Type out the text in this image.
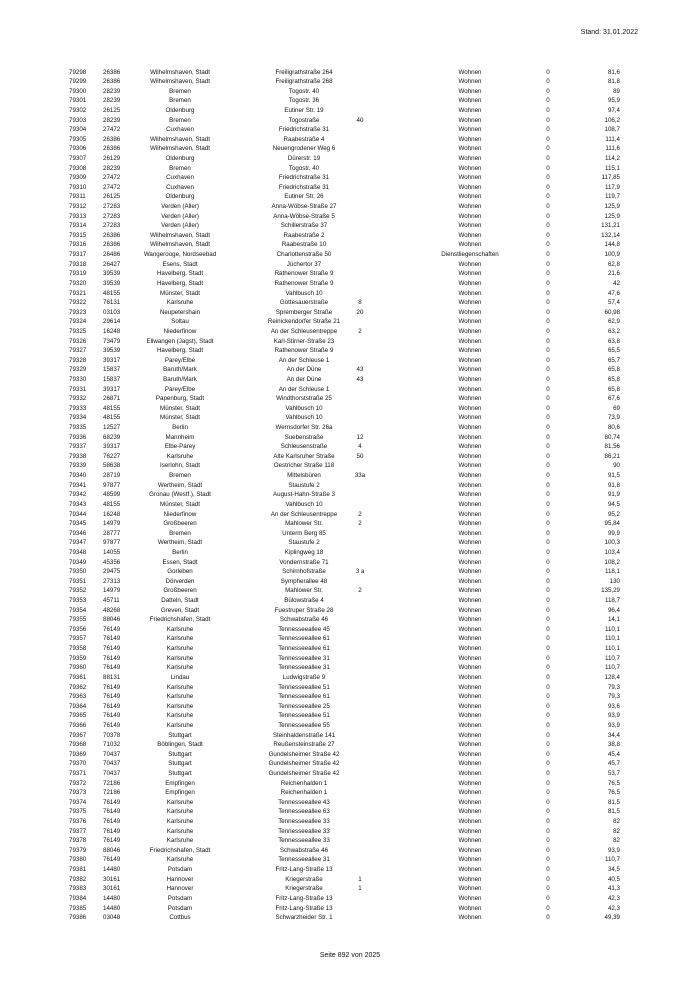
Stand: 31.01.2022
79298	26386	Wilhelmshaven, Stadt	Freiligrathstraße 264	Wohnen	0	81,6
79299	26386	Wilhelmshaven, Stadt	Freiligrathstraße 268	Wohnen	0	81,8
79300	28239	Bremen	Togostr. 40	Wohnen	0	89
79301	28239	Bremen	Togostr. 36	Wohnen	0	95,9
79302	26125	Oldenburg	Eutiner Str. 19	Wohnen	0	97,4
79303	28239	Bremen	Togostraße	40	Wohnen	0	106,2
79304	27472	Cuxhaven	Friedrichstraße 31	Wohnen	0	108,7
79305	26386	Wilhelmshaven, Stadt	Raabestraße 4	Wohnen	0	111,4
79306	26386	Wilhelmshaven, Stadt	Neuengrodener Weg 6	Wohnen	0	111,6
79307	26129	Oldenburg	Dürerstr. 19	Wohnen	0	114,2
79308	28239	Bremen	Togostr. 40	Wohnen	0	115,1
79309	27472	Cuxhaven	Friedrichstraße 31	Wohnen	0	117,85
79310	27472	Cuxhaven	Friedrichstraße 31	Wohnen	0	117,9
79311	26125	Oldenburg	Eutiner Str. 26	Wohnen	0	119,7
79312	27283	Verden (Aller)	Anna-Wöbse-Straße 27	Wohnen	0	125,9
79313	27283	Verden (Aller)	Anna-Wöbse-Straße 5	Wohnen	0	125,9
79314	27283	Verden (Aller)	Schillerstraße 37	Wohnen	0	131,21
79315	26386	Wilhelmshaven, Stadt	Raabestraße 2	Wohnen	0	132,14
79316	26386	Wilhelmshaven, Stadt	Raabestraße 10	Wohnen	0	144,8
79317	26486	Wangerooge, Nordseebad	Charlottenstraße 50	Dienstliegenschaften	0	100,9
79318	26427	Esens, Stadt	Jüchertor 37	Wohnen	0	62,8
79319	39539	Havelberg, Stadt	Rathenower Straße 9	Wohnen	0	21,6
79320	39539	Havelberg, Stadt	Rathenower Straße 9	Wohnen	0	42
79321	48155	Münster, Stadt	Vahlbusch 10	Wohnen	0	47,6
79322	76131	Karlsruhe	Gottesauerstraße	8	Wohnen	0	57,4
79323	03103	Neupetershain	Spremberger Straße	20	Wohnen	0	60,98
79324	29614	Soltau	Reinickendorfer Straße 21	Wohnen	0	62,9
79325	16248	Niederfinow	An der Schleusentreppe	2	Wohnen	0	63,2
79326	73479	Ellwangen (Jagst), Stadt	Karl-Stirner-Straße 23	Wohnen	0	63,8
79327	39539	Havelberg, Stadt	Rathenower Straße 9	Wohnen	0	65,5
79328	39317	Parey/Elbe	An der Schleuse 1	Wohnen	0	65,7
79329	15837	Baruth/Mark	An der Düne	43	Wohnen	0	65,8
79330	15837	Baruth/Mark	An der Düne	43	Wohnen	0	65,8
79331	39317	Parey/Elbe	An der Schleuse 1	Wohnen	0	65,8
79332	26871	Papenburg, Stadt	Windthorststraße 25	Wohnen	0	67,6
79333	48155	Münster, Stadt	Vahlbusch 10	Wohnen	0	69
79334	48155	Münster, Stadt	Vahlbusch 10	Wohnen	0	73,9
79335	12527	Berlin	Wernsdorfer Str. 26a	Wohnen	0	80,6
79336	68239	Mannheim	Suebenstraße	12	Wohnen	0	80,74
79337	39317	Elbe-Parey	Schleusenstraße	4	Wohnen	0	81,56
79338	76227	Karlsruhe	Alte Karlsruher Straße	50	Wohnen	0	86,21
79339	58638	Iserlohn, Stadt	Oestricher Straße 118	Wohnen	0	90
79340	28719	Bremen	Mittelsbüren	33a	Wohnen	0	91,5
79341	97877	Wertheim, Stadt	Staustufe 2	Wohnen	0	91,8
79342	48599	Gronau (Westf.), Stadt	August-Hahn-Straße 3	Wohnen	0	91,9
79343	48155	Münster, Stadt	Vahlbusch 10	Wohnen	0	94,5
79344	16248	Niederfinow	An der Schleusentreppe	2	Wohnen	0	95,2
79345	14979	Großbeeren	Mahlower Str.	2	Wohnen	0	95,84
79346	28777	Bremen	Unterm Berg 85	Wohnen	0	99,9
79347	97877	Wertheim, Stadt	Staustufe 2	Wohnen	0	100,3
79348	14055	Berlin	Kiplingweg 18	Wohnen	0	103,4
79349	45356	Essen, Stadt	Vondernstraße 71	Wohnen	0	108,2
79350	29475	Gorleben	Schirnhofstraße	3 a	Wohnen	0	118,1
79351	27313	Dörverden	Sympherallee 48	Wohnen	0	130
79352	14979	Großbeeren	Mahlower Str.	2	Wohnen	0	135,29
79353	45711	Datteln, Stadt	Bülowstraße 4	Wohnen	0	118,7
79354	48268	Greven, Stadt	Fuestruper Straße 28	Wohnen	0	96,4
79355	88046	Friedrichshafen, Stadt	Schwabstraße 46	Wohnen	0	14,1
79356	76149	Karlsruhe	Tennesseeallee 45	Wohnen	0	110,1
79357	76149	Karlsruhe	Tennesseeallee 61	Wohnen	0	110,1
79358	76149	Karlsruhe	Tennesseeallee 61	Wohnen	0	110,1
79359	76149	Karlsruhe	Tennesseeallee 31	Wohnen	0	110,7
79360	76149	Karlsruhe	Tennesseeallee 31	Wohnen	0	110,7
79361	88131	Lindau	Ludwigstraße 9	Wohnen	0	128,4
79362	76149	Karlsruhe	Tennesseeallee 51	Wohnen	0	79,3
79363	76149	Karlsruhe	Tennesseeallee 61	Wohnen	0	79,3
79364	76149	Karlsruhe	Tennesseeallee 25	Wohnen	0	93,6
79365	76149	Karlsruhe	Tennesseeallee 51	Wohnen	0	93,9
79366	76149	Karlsruhe	Tennesseeallee 55	Wohnen	0	93,9
79367	70378	Stuttgart	Steinhaldenstraße 141	Wohnen	0	34,4
79368	71032	Böblingen, Stadt	Reußensteinstraße 27	Wohnen	0	38,8
79369	70437	Stuttgart	Gundelsheimer Straße 42	Wohnen	0	45,4
79370	70437	Stuttgart	Gundelsheimer Straße 42	Wohnen	0	45,7
79371	70437	Stuttgart	Gundelsheimer Straße 42	Wohnen	0	53,7
79372	72186	Empfingen	Reichenhalden 1	Wohnen	0	76,5
79373	72186	Empfingen	Reichenhalden 1	Wohnen	0	76,5
79374	76149	Karlsruhe	Tennesseeallee 43	Wohnen	0	81,5
79375	76149	Karlsruhe	Tennesseeallee 63	Wohnen	0	81,5
79376	76149	Karlsruhe	Tennesseeallee 33	Wohnen	0	82
79377	76149	Karlsruhe	Tennesseeallee 33	Wohnen	0	82
79378	76149	Karlsruhe	Tennesseeallee 33	Wohnen	0	82
79379	88046	Friedrichshafen, Stadt	Schwabstraße 46	Wohnen	0	93,9
79380	76149	Karlsruhe	Tennesseeallee 31	Wohnen	0	110,7
79381	14480	Potsdam	Fritz-Lang-Straße 13	Wohnen	0	34,5
79382	30161	Hannover	Kriegerstraße	1	Wohnen	0	40,5
79383	30161	Hannover	Kriegerstraße	1	Wohnen	0	41,3
79384	14480	Potsdam	Fritz-Lang-Straße 13	Wohnen	0	42,3
79385	14480	Potsdam	Fritz-Lang-Straße 13	Wohnen	0	42,3
79386	03048	Cottbus	Schwarzheider Str. 1	Wohnen	0	49,39
Seite 892 von 2025
